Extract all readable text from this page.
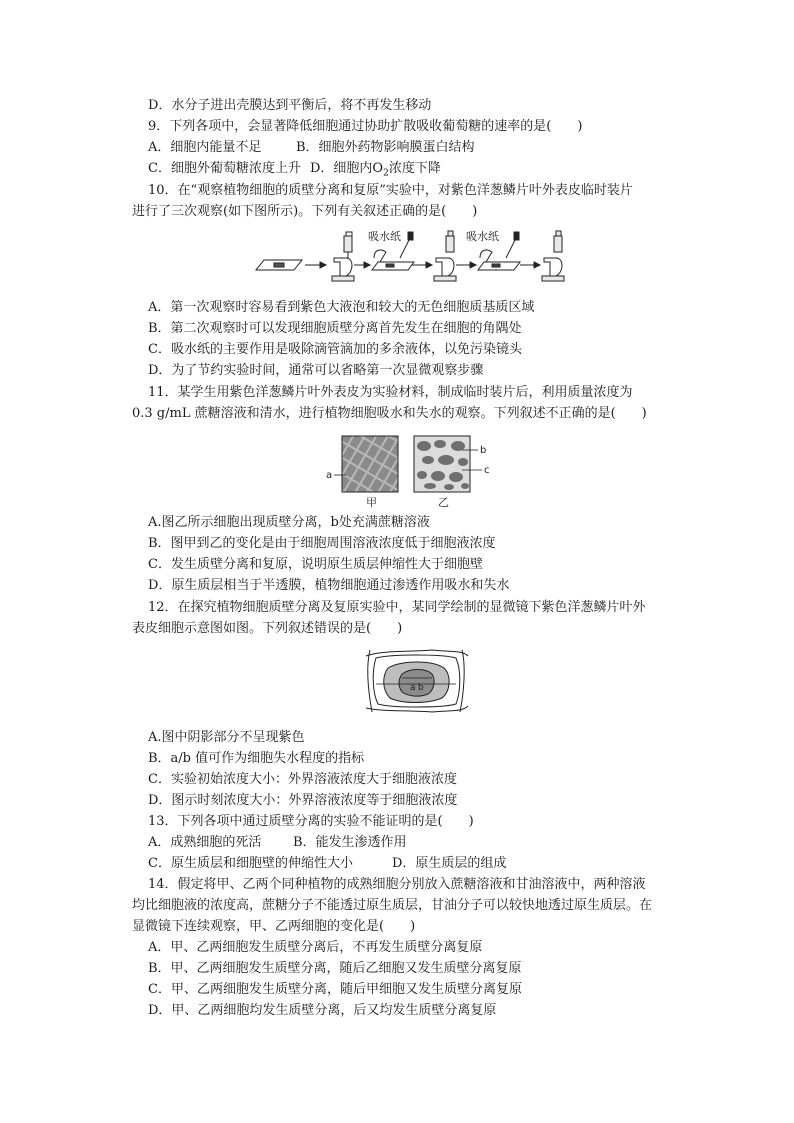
D．水分子进出壳膜达到平衡后，将不再发生移动
9．下列各项中，会显著降低细胞通过协助扩散吸收葡萄糖的速率的是(　　)
A．细胞内能量不足	B．细胞外药物影响膜蛋白结构
C．细胞外葡萄糖浓度上升 D．细胞内$O_2$浓度下降
10．在“观察植物细胞的质壁分离和复原”实验中，对紫色洋葱鳞片叶外表皮临时装片
进行了三次观察(如下图所示)。下列有关叙述正确的是(　　)
吸水纸	吸水纸
A．第一次观察时容易看到紫色大液泡和较大的无色细胞质基质区域
B．第二次观察时可以发现细胞质壁分离首先发生在细胞的角隅处
C．吸水纸的主要作用是吸除滴管滴加的多余液体，以免污染镜头
D．为了节约实验时间，通常可以省略第一次显微观察步骤
11．某学生用紫色洋葱鳞片叶外表皮为实验材料，制成临时装片后，利用质量浓度为
0.3 g/mL 蔗糖溶液和清水，进行植物细胞吸水和失水的观察。下列叙述不正确的是(　　)
a
b
c
甲	乙
A.图乙所示细胞出现质壁分离，b处充满蔗糖溶液
B．图甲到乙的变化是由于细胞周围溶液浓度低于细胞液浓度
C．发生质壁分离和复原，说明原生质层伸缩性大于细胞壁
D．原生质层相当于半透膜，植物细胞通过渗透作用吸水和失水
12．在探究植物细胞质壁分离及复原实验中，某同学绘制的显微镜下紫色洋葱鳞片叶外
表皮细胞示意图如图。下列叙述错误的是(　　)
a b
A.图中阴影部分不呈现紫色
B．a/b 值可作为细胞失水程度的指标
C．实验初始浓度大小：外界溶液浓度大于细胞液浓度
D．图示时刻浓度大小：外界溶液浓度等于细胞液浓度
13．下列各项中通过质壁分离的实验不能证明的是(　　)
A．成熟细胞的死活 B．能发生渗透作用
C．原生质层和细胞壁的伸缩性大小	D．原生质层的组成
14．假定将甲、乙两个同种植物的成熟细胞分别放入蔗糖溶液和甘油溶液中，两种溶液
均比细胞液的浓度高，蔗糖分子不能透过原生质层，甘油分子可以较快地透过原生质层。在
显微镜下连续观察，甲、乙两细胞的变化是(　　)
A．甲、乙两细胞发生质壁分离后，不再发生质壁分离复原
B．甲、乙两细胞发生质壁分离，随后乙细胞又发生质壁分离复原
C．甲、乙两细胞发生质壁分离，随后甲细胞又发生质壁分离复原
D．甲、乙两细胞均发生质壁分离，后又均发生质壁分离复原
